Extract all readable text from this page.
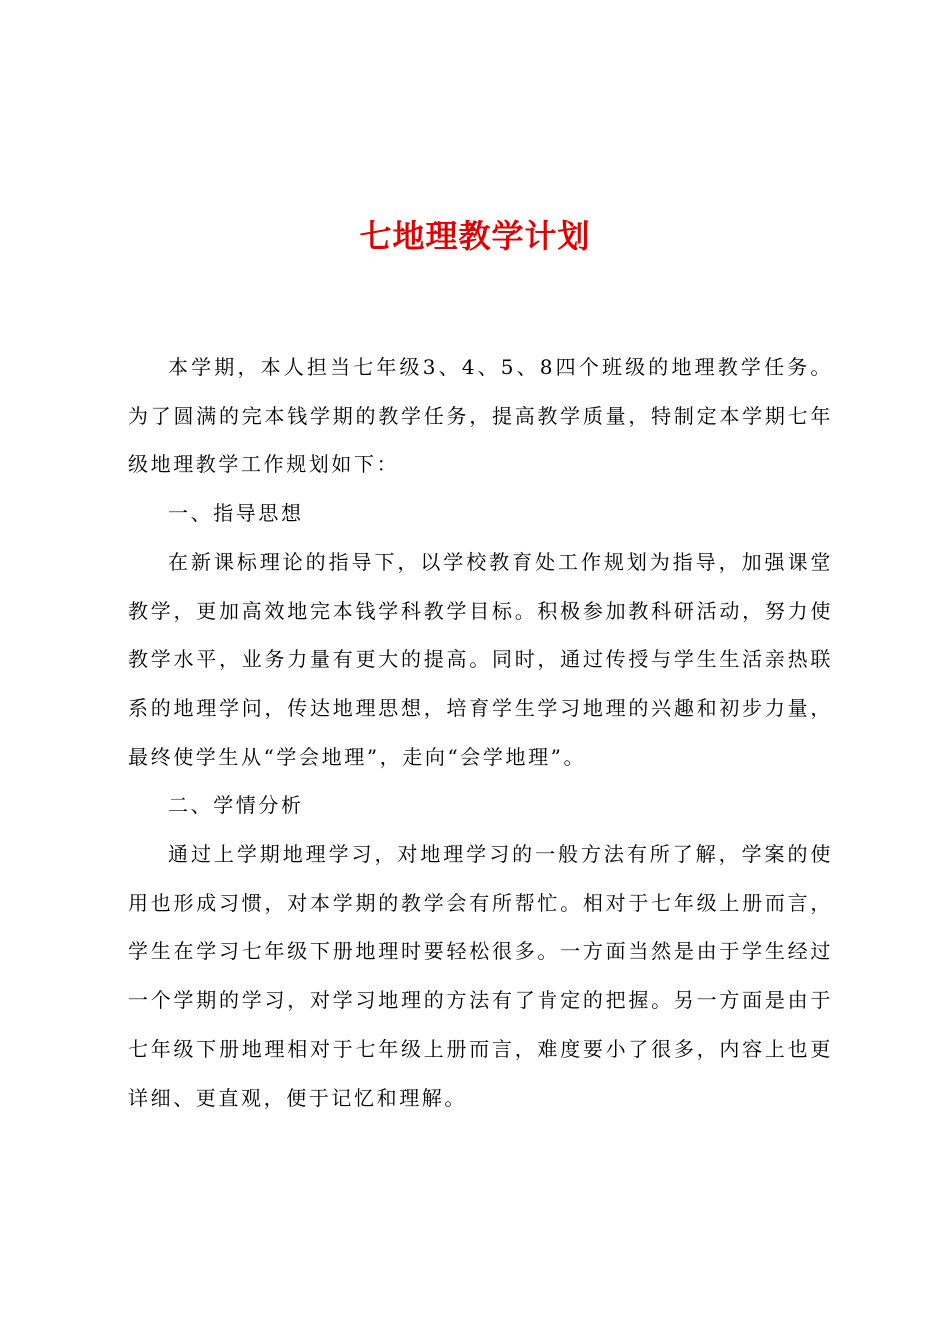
七地理教学计划

本学期，本人担当七年级3、4、5、8四个班级的地理教学任务。为了圆满的完本钱学期的教学任务，提高教学质量，特制定本学期七年级地理教学工作规划如下：

一、指导思想

在新课标理论的指导下，以学校教育处工作规划为指导，加强课堂教学，更加高效地完本钱学科教学目标。积极参加教科研活动，努力使教学水平，业务力量有更大的提高。同时，通过传授与学生生活亲热联系的地理学问，传达地理思想，培育学生学习地理的兴趣和初步力量，最终使学生从“学会地理”，走向“会学地理”。

二、学情分析

通过上学期地理学习，对地理学习的一般方法有所了解，学案的使用也形成习惯，对本学期的教学会有所帮忙。相对于七年级上册而言，学生在学习七年级下册地理时要轻松很多。一方面当然是由于学生经过一个学期的学习，对学习地理的方法有了肯定的把握。另一方面是由于七年级下册地理相对于七年级上册而言，难度要小了很多，内容上也更详细、更直观，便于记忆和理解。
